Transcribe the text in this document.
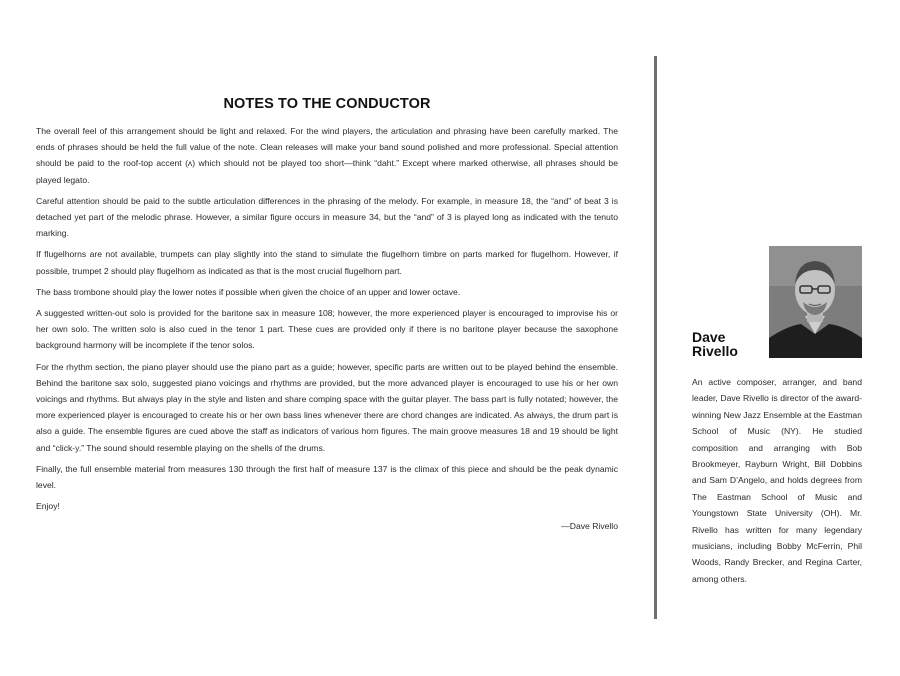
NOTES TO THE CONDUCTOR

The overall feel of this arrangement should be light and relaxed. For the wind players, the articulation and phrasing have been carefully marked. The ends of phrases should be held the full value of the note. Clean releases will make your band sound polished and more professional. Special attention should be paid to the roof-top accent (ʌ) which should not be played too short—think “daht.” Except where marked otherwise, all phrases should be played legato.

Careful attention should be paid to the subtle articulation differences in the phrasing of the melody. For example, in measure 18, the “and” of beat 3 is detached yet part of the melodic phrase. However, a similar figure occurs in measure 34, but the “and” of 3 is played long as indicated with the tenuto marking.

If flugelhorns are not available, trumpets can play slightly into the stand to simulate the flugelhorn timbre on parts marked for flugelhorn. However, if possible, trumpet 2 should play flugelhorn as indicated as that is the most crucial flugelhorn part.

The bass trombone should play the lower notes if possible when given the choice of an upper and lower octave.

A suggested written-out solo is provided for the baritone sax in measure 108; however, the more experienced player is encouraged to improvise his or her own solo. The written solo is also cued in the tenor 1 part. These cues are provided only if there is no baritone player because the saxophone background harmony will be incomplete if the tenor solos.

For the rhythm section, the piano player should use the piano part as a guide; however, specific parts are written out to be played behind the ensemble. Behind the baritone sax solo, suggested piano voicings and rhythms are provided, but the more advanced player is encouraged to use his or her own voicings and rhythms. But always play in the style and listen and share comping space with the guitar player. The bass part is fully notated; however, the more experienced player is encouraged to create his or her own bass lines whenever there are chord changes are indicated. As always, the drum part is also a guide. The ensemble figures are cued above the staff as indicators of various horn figures. The main groove measures 18 and 19 should be light and “click-y.” The sound should resemble playing on the shells of the drums.

Finally, the full ensemble material from measures 130 through the first half of measure 137 is the climax of this piece and should be the peak dynamic level.

Enjoy!

—Dave Rivello

Dave
Rivello

An active composer, arranger, and band leader, Dave Rivello is director of the award-winning New Jazz Ensemble at the Eastman School of Music (NY). He studied composition and arranging with Bob Brookmeyer, Rayburn Wright, Bill Dobbins and Sam D’Angelo, and holds degrees from The Eastman School of Music and Youngstown State University (OH). Mr. Rivello has written for many legendary musicians, including Bobby McFerrin, Phil Woods, Randy Brecker, and Regina Carter, among others.
